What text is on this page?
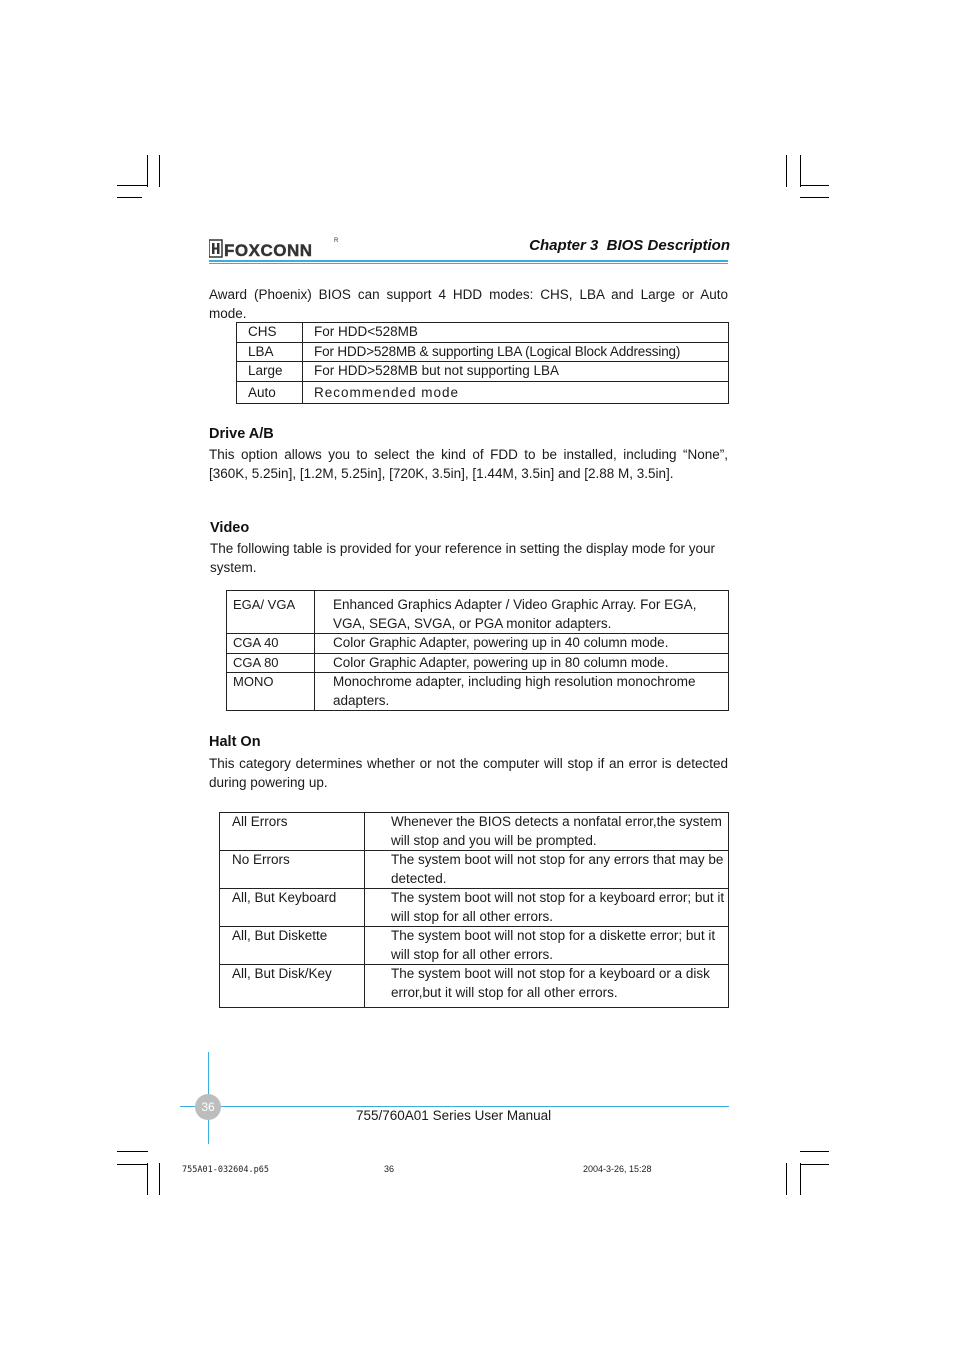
FOXCONN	R	Chapter 3 BIOS Description
Award (Phoenix) BIOS can support 4 HDD modes: CHS, LBA and Large or Auto mode.
CHS	For HDD<528MB
LBA	For HDD>528MB & supporting LBA (Logical Block Addressing)
Large	For HDD>528MB but not supporting LBA
Auto	Recommended mode
Drive A/B
This option allows you to select the kind of FDD to be installed, including “None”, [360K, 5.25in], [1.2M, 5.25in], [720K, 3.5in], [1.44M, 3.5in] and [2.88 M, 3.5in].
Video
The following table is provided for your reference in setting the display mode for your system.
EGA/ VGA	Enhanced Graphics Adapter / Video Graphic Array. For EGA, VGA, SEGA, SVGA, or PGA monitor adapters.
CGA 40	Color Graphic Adapter, powering up in 40 column mode.
CGA 80	Color Graphic Adapter, powering up in 80 column mode.
MONO	Monochrome adapter, including high resolution monochrome adapters.
Halt On
This category determines whether or not the computer will stop if an error is detected during powering up.
All Errors	Whenever the BIOS detects a nonfatal error,the system will stop and you will be prompted.
No Errors	The system boot will not stop for any errors that may be detected.
All, But Keyboard	The system boot will not stop for a keyboard error; but it will stop for all other errors.
All, But Diskette	The system boot will not stop for a diskette error; but it will stop for all other errors.
All, But Disk/Key	The system boot will not stop for a keyboard or a disk error,but it will stop for all other errors.
36
755/760A01 Series User Manual
755A01-032604.p65	36	2004-3-26, 15:28
